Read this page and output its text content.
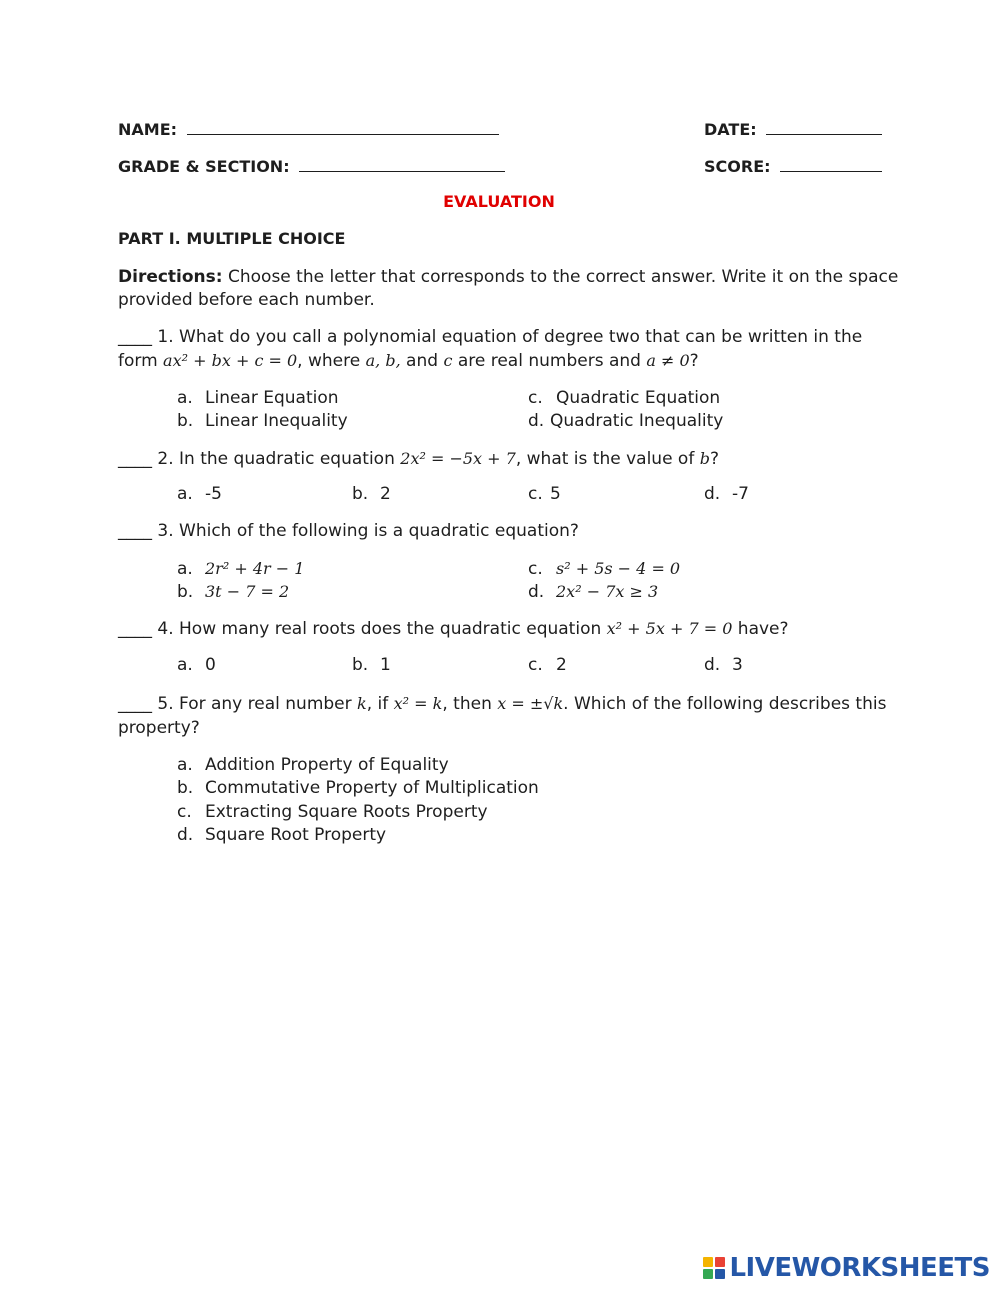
NAME:	DATE:
GRADE & SECTION:	SCORE:
EVALUATION
PART I. MULTIPLE CHOICE
Directions: Choose the letter that corresponds to the correct answer. Write it on the space
provided before each number.
____ 1. What do you call a polynomial equation of degree two that can be written in the
form ax² + bx + c = 0, where a, b, and c are real numbers and a ≠ 0?
a. Linear Equation
b. Linear Inequality
c. Quadratic Equation
d. Quadratic Inequality
____ 2. In the quadratic equation 2x² = −5x + 7, what is the value of b?
a. -5	b. 2	c. 5	d. -7
____ 3. Which of the following is a quadratic equation?
a. 2r² + 4r − 1
b. 3t − 7 = 2
c. s² + 5s − 4 = 0
d. 2x² − 7x ≥ 3
____ 4. How many real roots does the quadratic equation x² + 5x + 7 = 0 have?
a. 0	b. 1	c. 2	d. 3
____ 5. For any real number k, if x² = k, then x = ±√k. Which of the following describes this
property?
a. Addition Property of Equality
b. Commutative Property of Multiplication
c. Extracting Square Roots Property
d. Square Root Property
LIVEWORKSHEETS
